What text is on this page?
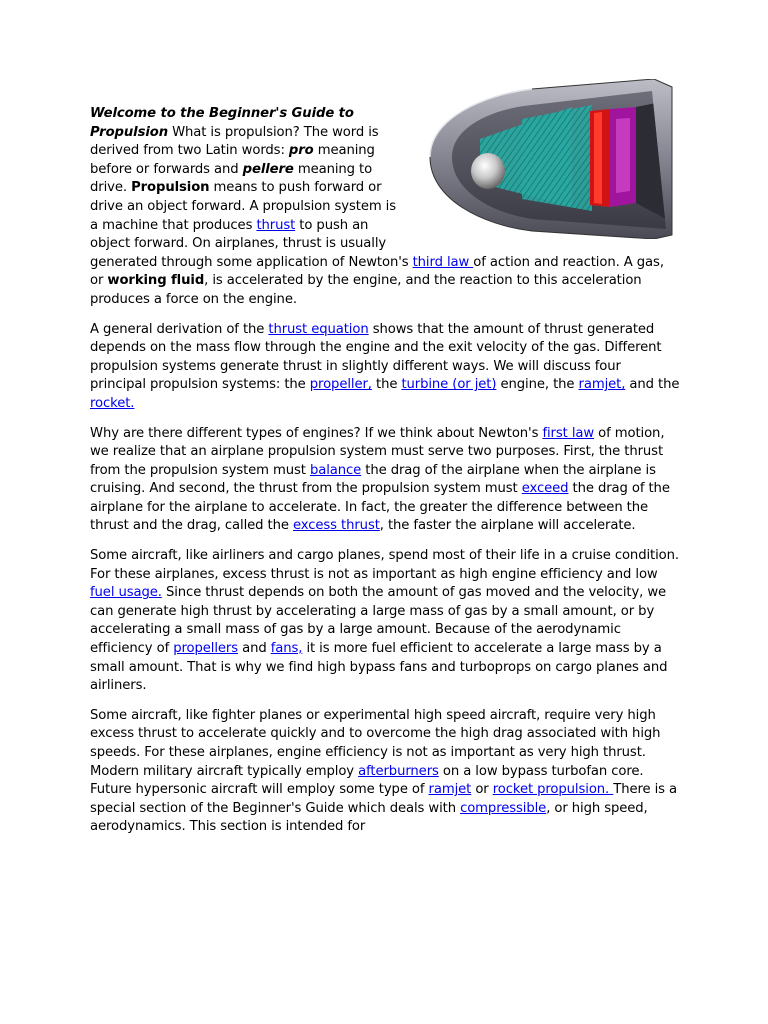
Welcome to the Beginner's Guide to Propulsion What is propulsion? The word is derived from two Latin words: pro meaning before or forwards and pellere meaning to drive. Propulsion means to push forward or drive an object forward. A propulsion system is a machine that produces thrust to push an object forward. On airplanes, thrust is usually generated through some application of Newton's third law of action and reaction. A gas, or working fluid, is accelerated by the engine, and the reaction to this acceleration produces a force on the engine.

A general derivation of the thrust equation shows that the amount of thrust generated depends on the mass flow through the engine and the exit velocity of the gas. Different propulsion systems generate thrust in slightly different ways. We will discuss four principal propulsion systems: the propeller, the turbine (or jet) engine, the ramjet, and the rocket.

Why are there different types of engines? If we think about Newton's first law of motion, we realize that an airplane propulsion system must serve two purposes. First, the thrust from the propulsion system must balance the drag of the airplane when the airplane is cruising. And second, the thrust from the propulsion system must exceed the drag of the airplane for the airplane to accelerate. In fact, the greater the difference between the thrust and the drag, called the excess thrust, the faster the airplane will accelerate.

Some aircraft, like airliners and cargo planes, spend most of their life in a cruise condition. For these airplanes, excess thrust is not as important as high engine efficiency and low fuel usage. Since thrust depends on both the amount of gas moved and the velocity, we can generate high thrust by accelerating a large mass of gas by a small amount, or by accelerating a small mass of gas by a large amount. Because of the aerodynamic efficiency of propellers and fans, it is more fuel efficient to accelerate a large mass by a small amount. That is why we find high bypass fans and turboprops on cargo planes and airliners.

Some aircraft, like fighter planes or experimental high speed aircraft, require very high excess thrust to accelerate quickly and to overcome the high drag associated with high speeds. For these airplanes, engine efficiency is not as important as very high thrust. Modern military aircraft typically employ afterburners on a low bypass turbofan core. Future hypersonic aircraft will employ some type of ramjet or rocket propulsion. There is a special section of the Beginner's Guide which deals with compressible, or high speed, aerodynamics. This section is intended for
